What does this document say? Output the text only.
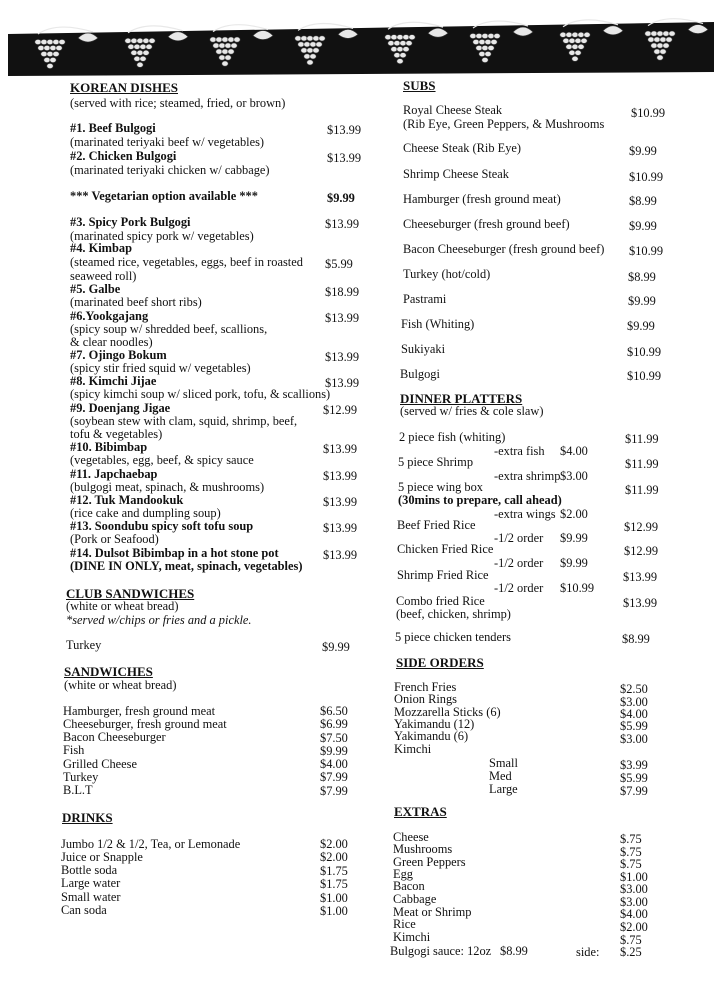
KOREAN DISHES
(served with rice; steamed, fried, or brown)
#1. Beef Bulgogi
(marinated teriyaki beef w/ vegetables)
$13.99
#2. Chicken Bulgogi
(marinated teriyaki chicken w/ cabbage)
$13.99
*** Vegetarian option available ***	$9.99
#3. Spicy Pork Bulgogi
(marinated spicy pork w/ vegetables)
$13.99
#4. Kimbap
(steamed rice, vegetables, eggs, beef in roasted
seaweed roll)
$5.99
#5. Galbe
(marinated beef short ribs)
$18.99
#6.Yookgajang
(spicy soup w/ shredded beef, scallions,
& clear noodles)
$13.99
#7. Ojingo Bokum
(spicy stir fried squid w/ vegetables)
$13.99
#8. Kimchi Jijae
(spicy kimchi soup w/ sliced pork, tofu, & scallions)
$13.99
#9. Doenjang Jigae
(soybean stew with clam, squid, shrimp, beef,
tofu & vegetables)
$12.99
#10. Bibimbap
(vegetables, egg, beef, & spicy sauce
$13.99
#11. Japchaebap
(bulgogi meat, spinach, & mushrooms)
$13.99
#12. Tuk Mandookuk
(rice cake and dumpling soup)
$13.99
#13. Soondubu spicy soft tofu soup
(Pork or Seafood)
$13.99
#14. Dulsot Bibimbap in a hot stone pot
(DINE IN ONLY, meat, spinach, vegetables)
$13.99
CLUB SANDWICHES
(white or wheat bread)
*served w/chips or fries and a pickle.
Turkey	$9.99
SANDWICHES
(white or wheat bread)
Hamburger, fresh ground meat	$6.50
Cheeseburger, fresh ground meat	$6.99
Bacon Cheeseburger	$7.50
Fish	$9.99
Grilled Cheese	$4.00
Turkey	$7.99
B.L.T	$7.99
DRINKS
Jumbo 1/2 & 1/2, Tea, or Lemonade	$2.00
Juice or Snapple	$2.00
Bottle soda	$1.75
Large water	$1.75
Small water	$1.00
Can soda	$1.00
SUBS
Royal Cheese Steak
(Rib Eye, Green Peppers, & Mushrooms
$10.99
Cheese Steak (Rib Eye)	$9.99
Shrimp Cheese Steak	$10.99
Hamburger (fresh ground meat)	$8.99
Cheeseburger (fresh ground beef)	$9.99
Bacon Cheeseburger (fresh ground beef) $10.99
Turkey (hot/cold)	$8.99
Pastrami	$9.99
Fish (Whiting)	$9.99
Sukiyaki	$10.99
Bulgogi	$10.99
DINNER PLATTERS
(served w/ fries & cole slaw)
2 piece fish (whiting)	$11.99
-extra fish $4.00
5 piece Shrimp	$11.99
-extra shrimp $3.00
5 piece wing box	$11.99
(30mins to prepare, call ahead)
-extra wings $2.00
Beef Fried Rice	$12.99
-1/2 order $9.99
Chicken Fried Rice	$12.99
-1/2 order $9.99
Shrimp Fried Rice	$13.99
-1/2 order $10.99
Combo fried Rice
(beef, chicken, shrimp)
$13.99
5 piece chicken tenders	$8.99
SIDE ORDERS
French Fries	$2.50
Onion Rings	$3.00
Mozzarella Sticks (6)	$4.00
Yakimandu (12)	$5.99
Yakimandu (6)	$3.00
Kimchi
Small	$3.99
Med	$5.99
Large	$7.99
EXTRAS
Cheese	$.75
Mushrooms	$.75
Green Peppers	$.75
Egg	$1.00
Bacon	$3.00
Cabbage	$3.00
Meat or Shrimp	$4.00
Rice	$2.00
Kimchi	$.75
Bulgogi sauce: 12oz $8.99	side: $.25
